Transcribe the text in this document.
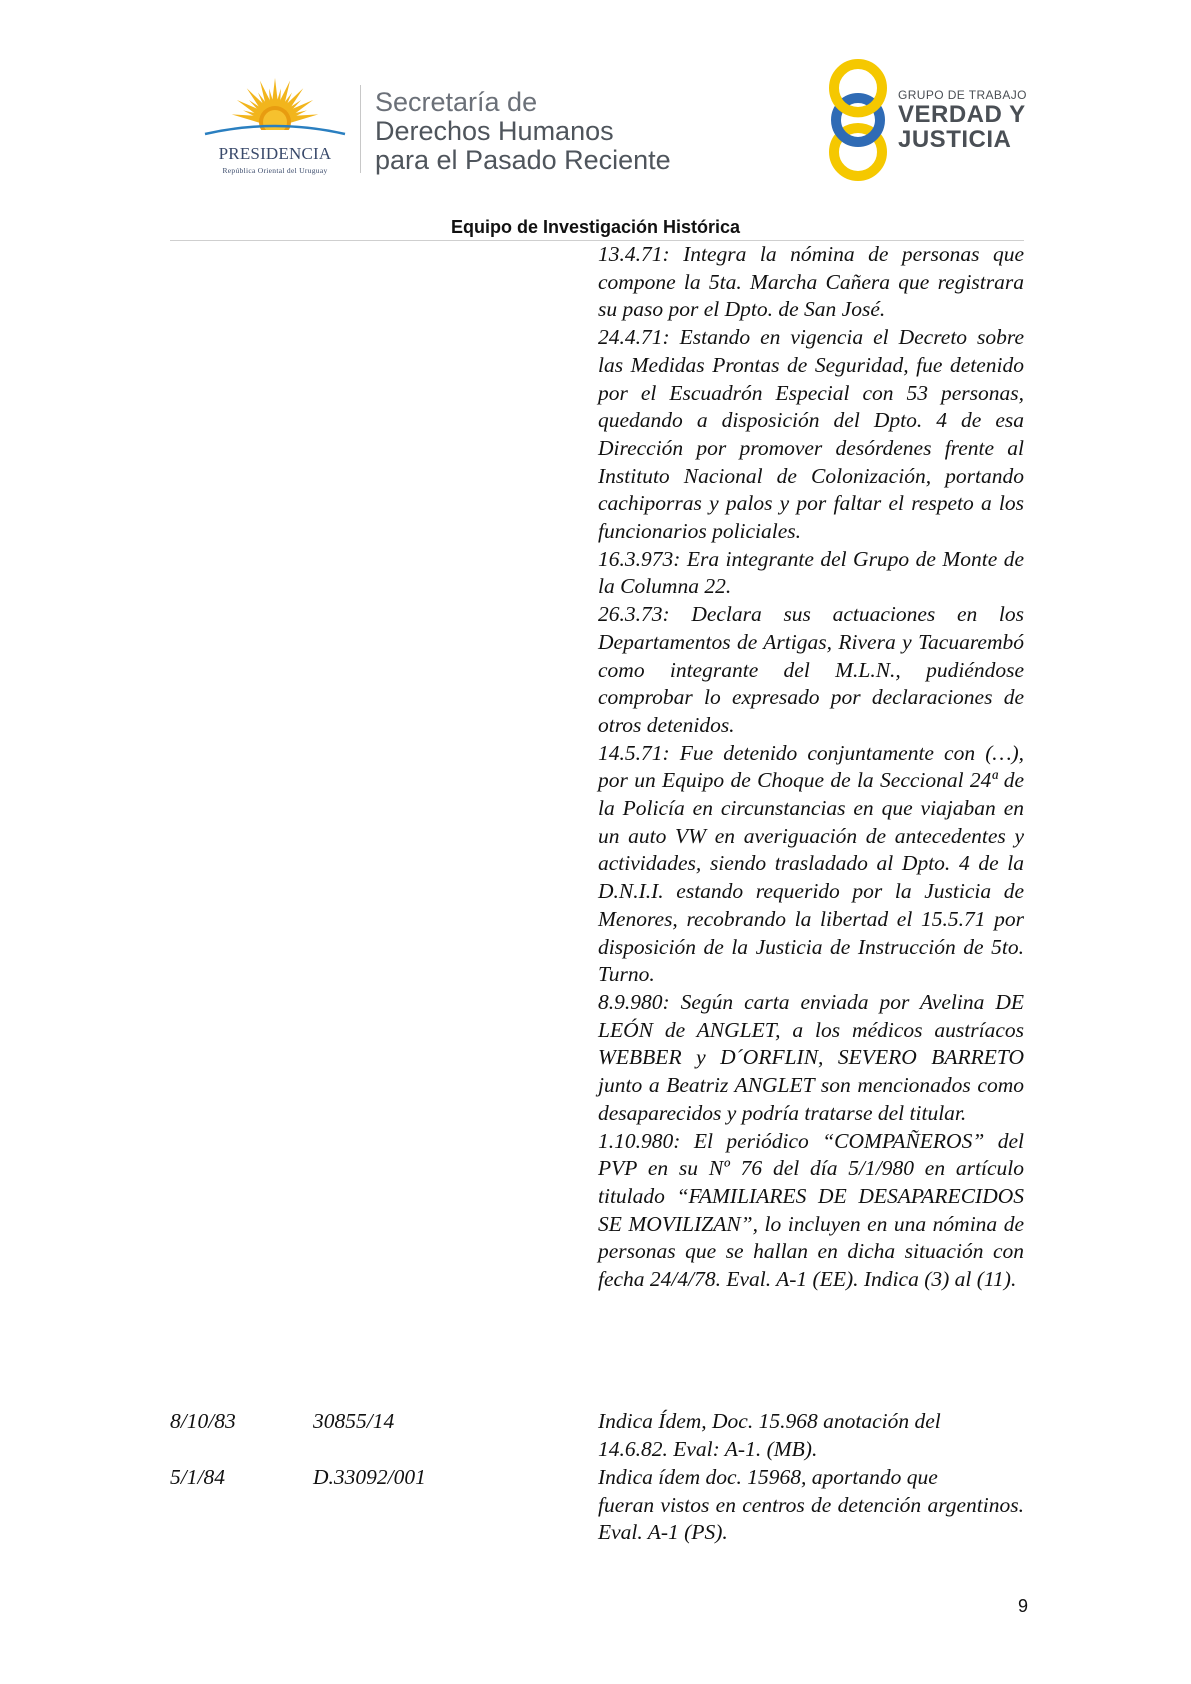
PRESIDENCIA
República Oriental del Uruguay
Secretaría de
Derechos Humanos
para el Pasado Reciente
GRUPO DE TRABAJO
VERDAD Y
JUSTICIA
Equipo de Investigación Histórica

13.4.71: Integra la nómina de personas que compone la 5ta. Marcha Cañera que registrara su paso por el Dpto. de San José.

24.4.71: Estando en vigencia el Decreto sobre las Medidas Prontas de Seguridad, fue detenido por el Escuadrón Especial con 53 personas, quedando a disposición del Dpto. 4 de esa Dirección por promover desórdenes frente al Instituto Nacional de Colonización, portando cachiporras y palos y por faltar el respeto a los funcionarios policiales.

16.3.973: Era integrante del Grupo de Monte de la Columna 22.

26.3.73: Declara sus actuaciones en los Departamentos de Artigas, Rivera y Tacuarembó como integrante del M.L.N., pudiéndose comprobar lo expresado por declaraciones de otros detenidos.

14.5.71: Fue detenido conjuntamente con (…), por un Equipo de Choque de la Seccional 24ª de la Policía en circunstancias en que viajaban en un auto VW en averiguación de antecedentes y actividades, siendo trasladado al Dpto. 4 de la D.N.I.I. estando requerido por la Justicia de Menores, recobrando la libertad el 15.5.71 por disposición de la Justicia de Instrucción de 5to. Turno.

8.9.980: Según carta enviada por Avelina DE LEÓN de ANGLET, a los médicos austríacos WEBBER y D´ORFLIN, SEVERO BARRETO junto a Beatriz ANGLET son mencionados como desaparecidos y podría tratarse del titular.

1.10.980: El periódico “COMPAÑEROS” del PVP en su Nº 76 del día 5/1/980 en artículo titulado “FAMILIARES DE DESAPARECIDOS SE MOVILIZAN”, lo incluyen en una nómina de personas que se hallan en dicha situación con fecha 24/4/78. Eval. A-1 (EE). Indica (3) al (11).

8/10/83	30855/14	Indica Ídem, Doc. 15.968 anotación del

14.6.82. Eval: A-1. (MB).

5/1/84	D.33092/001	Indica ídem doc. 15968, aportando que

fueran vistos en centros de detención argentinos. Eval. A-1 (PS).

9
